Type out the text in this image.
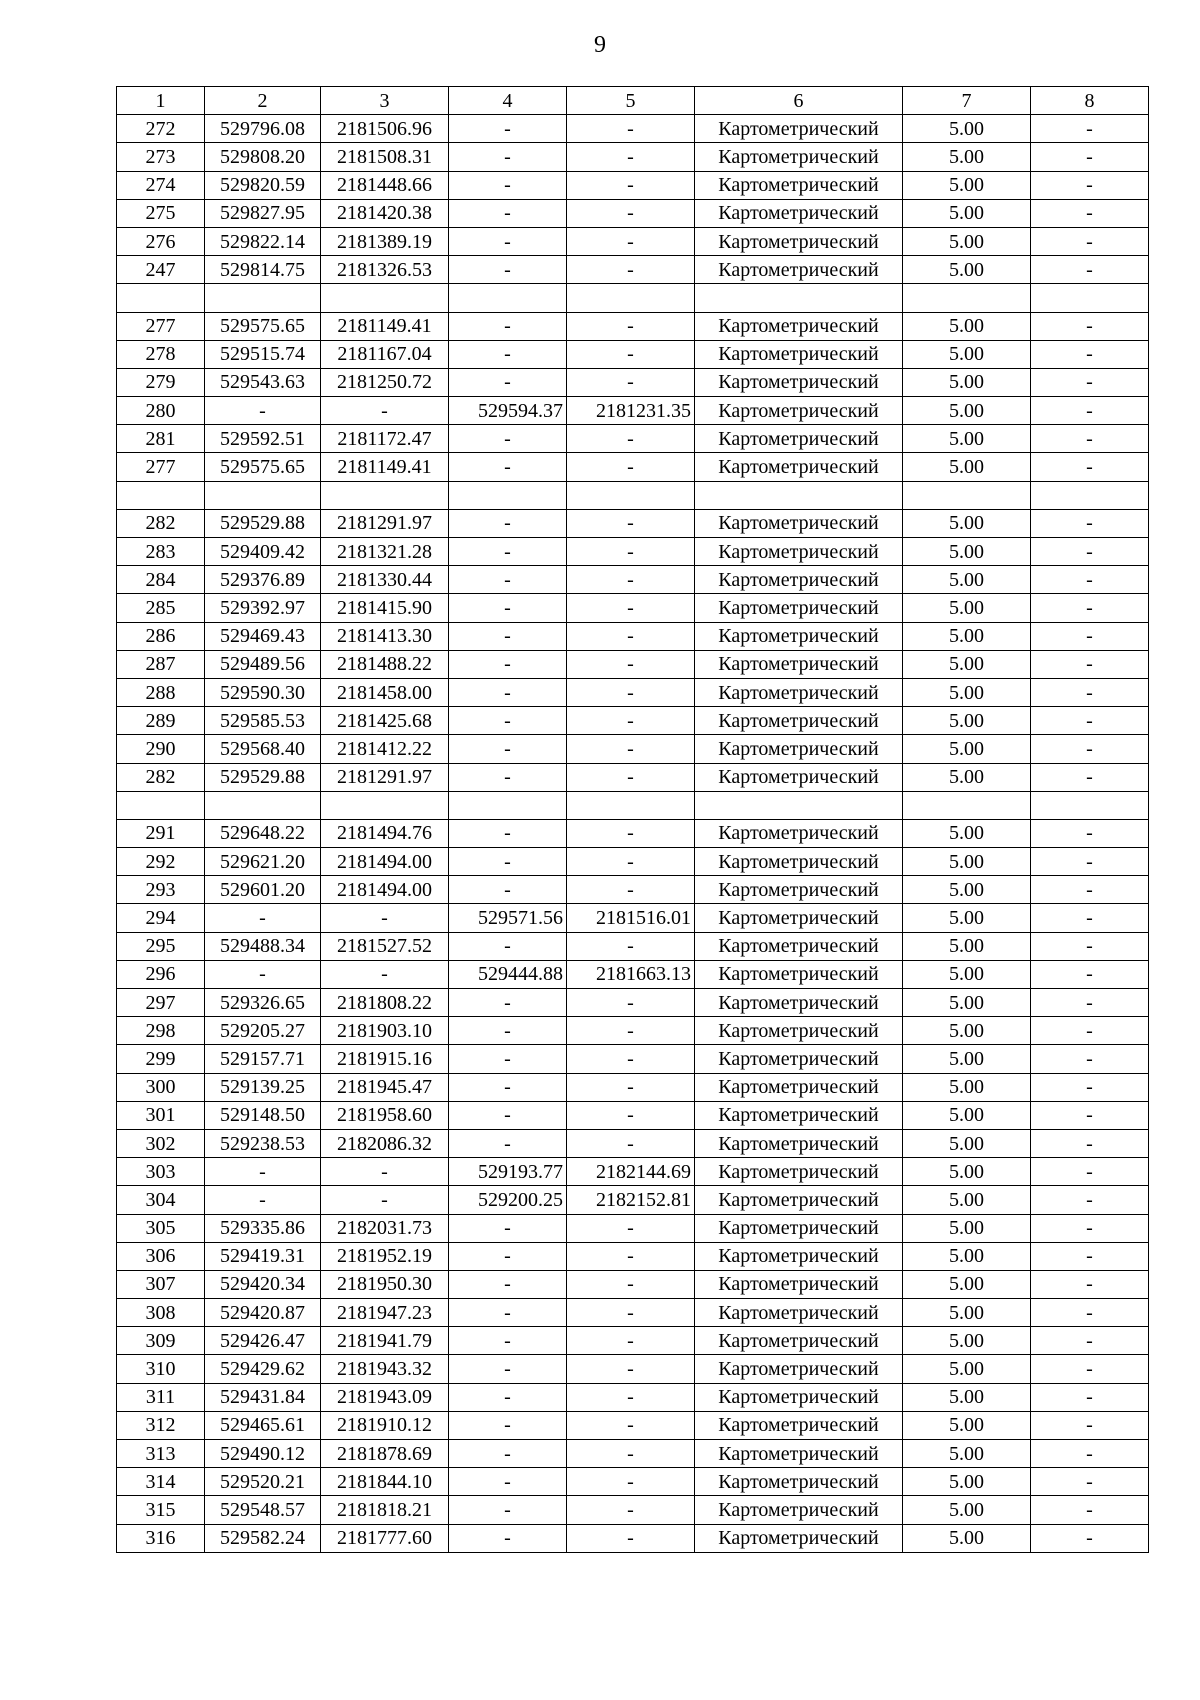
9
1	2	3	4	5	6	7	8
272	529796.08	2181506.96	-	-	Картометрический	5.00	-
273	529808.20	2181508.31	-	-	Картометрический	5.00	-
274	529820.59	2181448.66	-	-	Картометрический	5.00	-
275	529827.95	2181420.38	-	-	Картометрический	5.00	-
276	529822.14	2181389.19	-	-	Картометрический	5.00	-
247	529814.75	2181326.53	-	-	Картометрический	5.00	-

277	529575.65	2181149.41	-	-	Картометрический	5.00	-
278	529515.74	2181167.04	-	-	Картометрический	5.00	-
279	529543.63	2181250.72	-	-	Картометрический	5.00	-
280	-	-	529594.37	2181231.35	Картометрический	5.00	-
281	529592.51	2181172.47	-	-	Картометрический	5.00	-
277	529575.65	2181149.41	-	-	Картометрический	5.00	-

282	529529.88	2181291.97	-	-	Картометрический	5.00	-
283	529409.42	2181321.28	-	-	Картометрический	5.00	-
284	529376.89	2181330.44	-	-	Картометрический	5.00	-
285	529392.97	2181415.90	-	-	Картометрический	5.00	-
286	529469.43	2181413.30	-	-	Картометрический	5.00	-
287	529489.56	2181488.22	-	-	Картометрический	5.00	-
288	529590.30	2181458.00	-	-	Картометрический	5.00	-
289	529585.53	2181425.68	-	-	Картометрический	5.00	-
290	529568.40	2181412.22	-	-	Картометрический	5.00	-
282	529529.88	2181291.97	-	-	Картометрический	5.00	-

291	529648.22	2181494.76	-	-	Картометрический	5.00	-
292	529621.20	2181494.00	-	-	Картометрический	5.00	-
293	529601.20	2181494.00	-	-	Картометрический	5.00	-
294	-	-	529571.56	2181516.01	Картометрический	5.00	-
295	529488.34	2181527.52	-	-	Картометрический	5.00	-
296	-	-	529444.88	2181663.13	Картометрический	5.00	-
297	529326.65	2181808.22	-	-	Картометрический	5.00	-
298	529205.27	2181903.10	-	-	Картометрический	5.00	-
299	529157.71	2181915.16	-	-	Картометрический	5.00	-
300	529139.25	2181945.47	-	-	Картометрический	5.00	-
301	529148.50	2181958.60	-	-	Картометрический	5.00	-
302	529238.53	2182086.32	-	-	Картометрический	5.00	-
303	-	-	529193.77	2182144.69	Картометрический	5.00	-
304	-	-	529200.25	2182152.81	Картометрический	5.00	-
305	529335.86	2182031.73	-	-	Картометрический	5.00	-
306	529419.31	2181952.19	-	-	Картометрический	5.00	-
307	529420.34	2181950.30	-	-	Картометрический	5.00	-
308	529420.87	2181947.23	-	-	Картометрический	5.00	-
309	529426.47	2181941.79	-	-	Картометрический	5.00	-
310	529429.62	2181943.32	-	-	Картометрический	5.00	-
311	529431.84	2181943.09	-	-	Картометрический	5.00	-
312	529465.61	2181910.12	-	-	Картометрический	5.00	-
313	529490.12	2181878.69	-	-	Картометрический	5.00	-
314	529520.21	2181844.10	-	-	Картометрический	5.00	-
315	529548.57	2181818.21	-	-	Картометрический	5.00	-
316	529582.24	2181777.60	-	-	Картометрический	5.00	-
